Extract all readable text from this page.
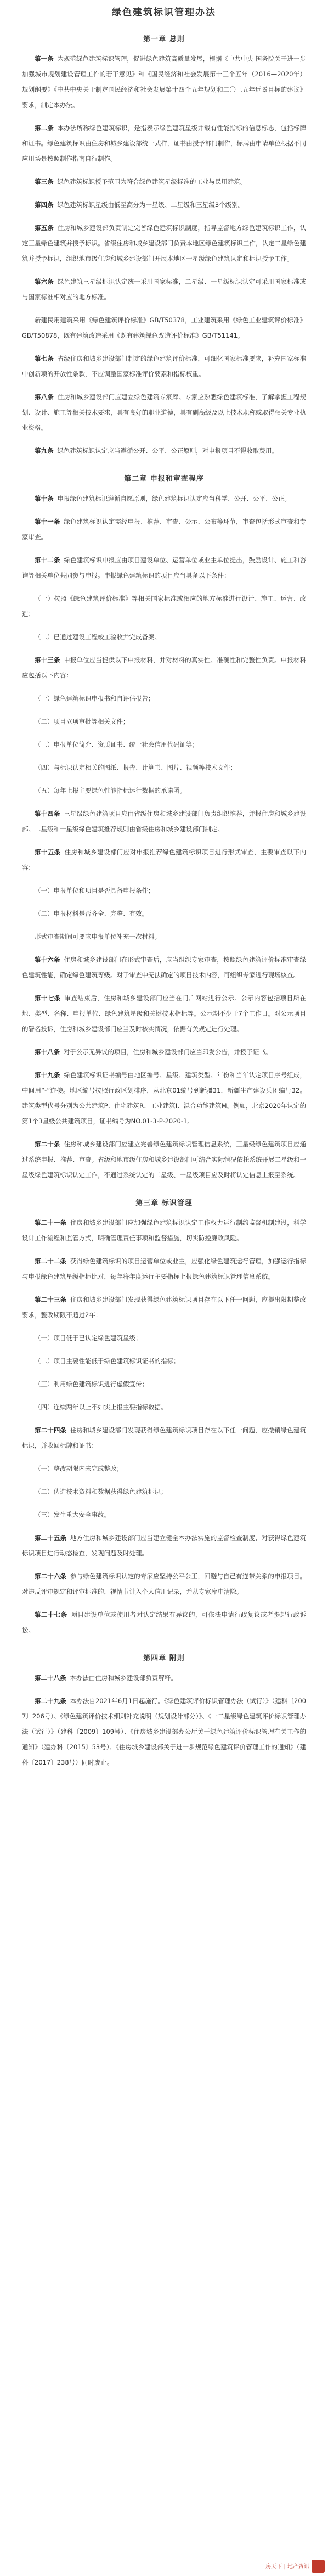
绿色建筑标识管理办法
第一章 总则

第一条 为规范绿色建筑标识管理，促进绿色建筑高质量发展，根据《中共中央 国务院关于进一步加强城市规划建设管理工作的若干意见》和《国民经济和社会发展第十三个五年（2016—2020年）规划纲要》《中共中央关于制定国民经济和社会发展第十四个五年规划和二〇三五年远景目标的建议》要求，制定本办法。

第二条 本办法所称绿色建筑标识，是指表示绿色建筑星级并载有性能指标的信息标志，包括标牌和证书。绿色建筑标识由住房和城乡建设部统一式样，证书由授予部门制作，标牌由申请单位根据不同应用场景按照制作指南自行制作。

第三条 绿色建筑标识授予范围为符合绿色建筑星级标准的工业与民用建筑。

第四条 绿色建筑标识星级由低至高分为一星级、二星级和三星级3个级别。

第五条 住房和城乡建设部负责制定完善绿色建筑标识制度，指导监督地方绿色建筑标识工作，认定三星绿色建筑并授予标识。省级住房和城乡建设部门负责本地区绿色建筑标识工作，认定二星绿色建筑并授予标识，组织地市级住房和城乡建设部门开展本地区一星级绿色建筑认定和标识授予工作。

第六条 绿色建筑三星级标识认定统一采用国家标准，二星级、一星级标识认定可采用国家标准或与国家标准相对应的地方标准。

新建民用建筑采用《绿色建筑评价标准》GB/T50378，工业建筑采用《绿色工业建筑评价标准》GB/T50878，既有建筑改造采用《既有建筑绿色改造评价标准》GB/T51141。

第七条 省级住房和城乡建设部门制定的绿色建筑评价标准，可细化国家标准要求，补充国家标准中创新项的开放性条款，不应调整国家标准评价要素和指标权重。

第八条 住房和城乡建设部门应建立绿色建筑专家库。专家应熟悉绿色建筑标准，了解掌握工程规划、设计、施工等相关技术要求，具有良好的职业道德，具有副高级及以上技术职称或取得相关专业执业资格。

第九条 绿色建筑标识认定应当遵循公开、公平、公正原则，对申报项目不得收取费用。

第二章 申报和审查程序

第十条 申报绿色建筑标识遵循自愿原则，绿色建筑标识认定应当科学、公开、公平、公正。

第十一条 绿色建筑标识认定需经申报、推荐、审查、公示、公布等环节，审查包括形式审查和专家审查。

第十二条 绿色建筑标识申报应由项目建设单位、运营单位或业主单位提出，鼓励设计、施工和咨询等相关单位共同参与申报。申报绿色建筑标识的项目应当具备以下条件：

（一）按照《绿色建筑评价标准》等相关国家标准或相应的地方标准进行设计、施工、运营、改造；

（二）已通过建设工程竣工验收并完成备案。

第十三条 申报单位应当提供以下申报材料，并对材料的真实性、准确性和完整性负责。申报材料应包括以下内容：

（一）绿色建筑标识申报书和自评估报告；

（二）项目立项审批等相关文件；

（三）申报单位简介、资质证书、统一社会信用代码证等；

（四）与标识认定相关的图纸、报告、计算书、图片、视频等技术文件；

（五）每年上报主要绿色性能指标运行数据的承诺函。

第十四条 三星级绿色建筑项目应由省级住房和城乡建设部门负责组织推荐，并报住房和城乡建设部。二星级和一星级绿色建筑推荐规则由省级住房和城乡建设部门制定。

第十五条 住房和城乡建设部门应对申报推荐绿色建筑标识项目进行形式审查，主要审查以下内容：

（一）申报单位和项目是否具备申报条件；

（二）申报材料是否齐全、完整、有效。

形式审查期间可要求申报单位补充一次材料。

第十六条 住房和城乡建设部门在形式审查后，应当组织专家审查，按照绿色建筑评价标准审查绿色建筑性能，确定绿色建筑等级。对于审查中无法确定的项目技术内容，可组织专家进行现场核查。

第十七条 审查结束后，住房和城乡建设部门应当在门户网站进行公示。公示内容包括项目所在地、类型、名称、申报单位、绿色建筑星级和关键技术指标等。公示期不少于7个工作日。对公示项目的署名投诉，住房和城乡建设部门应当及时核实情况，依据有关规定进行处理。

第十八条 对于公示无异议的项目，住房和城乡建设部门应当印发公告，并授予证书。

第十九条 绿色建筑标识证书编号由地区编号、星级、建筑类型、年份和当年认定项目序号组成，中间用“-”连接。地区编号按照行政区划排序，从北京01编号到新疆31，新疆生产建设兵团编号32。建筑类型代号分别为公共建筑P、住宅建筑R、工业建筑I、混合功能建筑M。例如，北京2020年认定的第1个3星级公共建筑项目，证书编号为NO.01-3-P-2020-1。

第二十条 住房和城乡建设部门应建立完善绿色建筑标识管理信息系统，三星级绿色建筑项目应通过系统申报、推荐、审查。省级和地市级住房和城乡建设部门可结合实际情况依托系统开展二星级和一星级绿色建筑标识认定工作，不通过系统认定的二星级、一星级项目应及时将认定信息上报至系统。

第三章 标识管理

第二十一条 住房和城乡建设部门应加强绿色建筑标识认定工作权力运行制约监督机制建设，科学设计工作流程和监管方式，明确管理责任事项和监督措施，切实防控廉政风险。

第二十二条 获得绿色建筑标识的项目运营单位或业主，应强化绿色建筑运行管理，加强运行指标与申报绿色建筑星级指标比对，每年将年度运行主要指标上报绿色建筑标识管理信息系统。

第二十三条 住房和城乡建设部门发现获得绿色建筑标识项目存在以下任一问题，应提出限期整改要求，整改期限不超过2年：

（一）项目低于已认定绿色建筑星级；

（二）项目主要性能低于绿色建筑标识证书的指标；

（三）利用绿色建筑标识进行虚假宣传；

（四）连续两年以上不如实上报主要指标数据。

第二十四条 住房和城乡建设部门发现获得绿色建筑标识项目存在以下任一问题，应撤销绿色建筑标识，并收回标牌和证书：

（一）整改期限内未完成整改；

（二）伪造技术资料和数据获得绿色建筑标识；

（三）发生重大安全事故。

第二十五条 地方住房和城乡建设部门应当建立健全本办法实施的监督检查制度，对获得绿色建筑标识项目进行动态检查，发现问题及时处理。

第二十六条 参与绿色建筑标识认定的专家应坚持公平公正，回避与自己有连带关系的申报项目。对违反评审规定和评审标准的，视情节计入个人信用记录，并从专家库中清除。

第二十七条 项目建设单位或使用者对认定结果有异议的，可依法申请行政复议或者提起行政诉讼。

第四章 附则

第二十八条 本办法由住房和城乡建设部负责解释。

第二十九条 本办法自2021年6月1日起施行。《绿色建筑评价标识管理办法（试行）》（建科〔2007〕206号）、《绿色建筑评价技术细则补充说明（规划设计部分）》、《一二星级绿色建筑评价标识管理办法（试行）》（建科〔2009〕109号）、《住房城乡建设部办公厅关于绿色建筑评价标识管理有关工作的通知》（建办科〔2015〕53号）、《住房城乡建设部关于进一步规范绿色建筑评价管理工作的通知》（建科〔2017〕238号）同时废止。

房天下 | 地产资讯
